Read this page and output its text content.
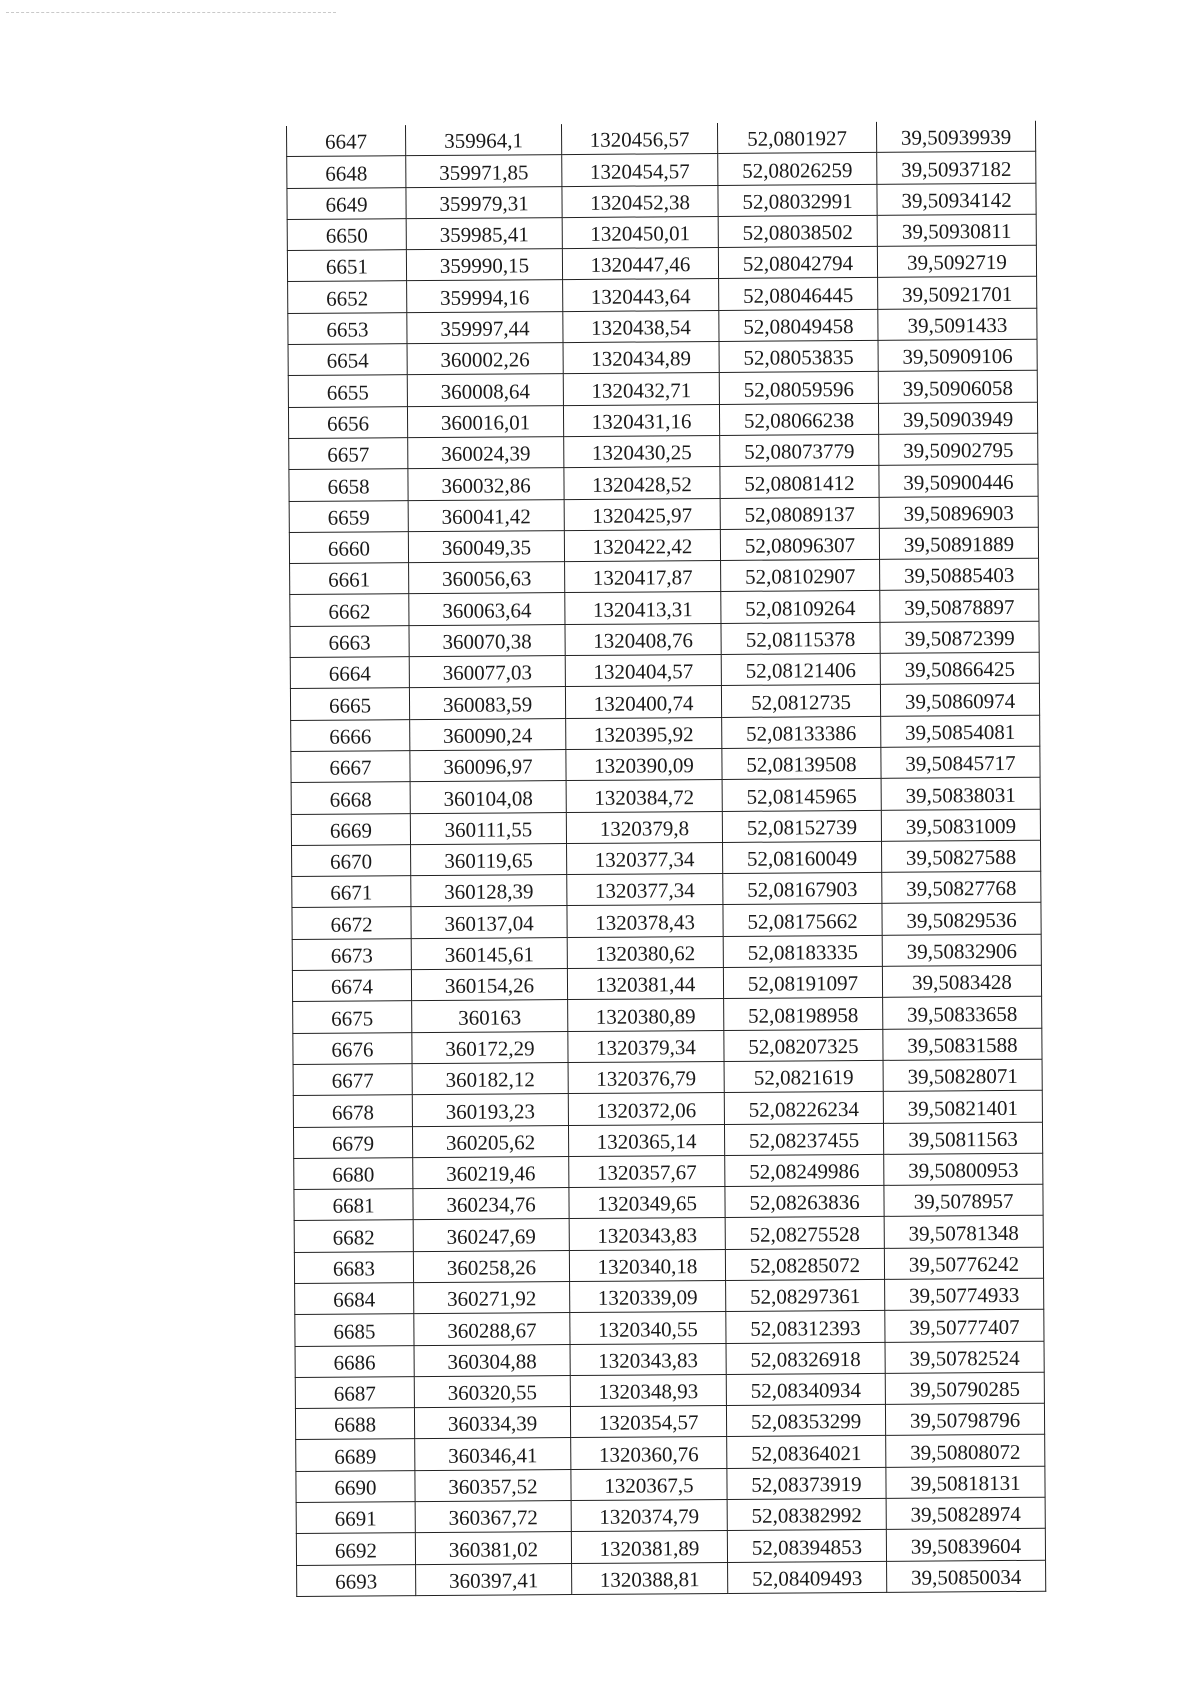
6647	359964,1	1320456,57	52,0801927	39,50939939
6648	359971,85	1320454,57	52,08026259	39,50937182
6649	359979,31	1320452,38	52,08032991	39,50934142
6650	359985,41	1320450,01	52,08038502	39,50930811
6651	359990,15	1320447,46	52,08042794	39,5092719
6652	359994,16	1320443,64	52,08046445	39,50921701
6653	359997,44	1320438,54	52,08049458	39,5091433
6654	360002,26	1320434,89	52,08053835	39,50909106
6655	360008,64	1320432,71	52,08059596	39,50906058
6656	360016,01	1320431,16	52,08066238	39,50903949
6657	360024,39	1320430,25	52,08073779	39,50902795
6658	360032,86	1320428,52	52,08081412	39,50900446
6659	360041,42	1320425,97	52,08089137	39,50896903
6660	360049,35	1320422,42	52,08096307	39,50891889
6661	360056,63	1320417,87	52,08102907	39,50885403
6662	360063,64	1320413,31	52,08109264	39,50878897
6663	360070,38	1320408,76	52,08115378	39,50872399
6664	360077,03	1320404,57	52,08121406	39,50866425
6665	360083,59	1320400,74	52,0812735	39,50860974
6666	360090,24	1320395,92	52,08133386	39,50854081
6667	360096,97	1320390,09	52,08139508	39,50845717
6668	360104,08	1320384,72	52,08145965	39,50838031
6669	360111,55	1320379,8	52,08152739	39,50831009
6670	360119,65	1320377,34	52,08160049	39,50827588
6671	360128,39	1320377,34	52,08167903	39,50827768
6672	360137,04	1320378,43	52,08175662	39,50829536
6673	360145,61	1320380,62	52,08183335	39,50832906
6674	360154,26	1320381,44	52,08191097	39,5083428
6675	360163	1320380,89	52,08198958	39,50833658
6676	360172,29	1320379,34	52,08207325	39,50831588
6677	360182,12	1320376,79	52,0821619	39,50828071
6678	360193,23	1320372,06	52,08226234	39,50821401
6679	360205,62	1320365,14	52,08237455	39,50811563
6680	360219,46	1320357,67	52,08249986	39,50800953
6681	360234,76	1320349,65	52,08263836	39,5078957
6682	360247,69	1320343,83	52,08275528	39,50781348
6683	360258,26	1320340,18	52,08285072	39,50776242
6684	360271,92	1320339,09	52,08297361	39,50774933
6685	360288,67	1320340,55	52,08312393	39,50777407
6686	360304,88	1320343,83	52,08326918	39,50782524
6687	360320,55	1320348,93	52,08340934	39,50790285
6688	360334,39	1320354,57	52,08353299	39,50798796
6689	360346,41	1320360,76	52,08364021	39,50808072
6690	360357,52	1320367,5	52,08373919	39,50818131
6691	360367,72	1320374,79	52,08382992	39,50828974
6692	360381,02	1320381,89	52,08394853	39,50839604
6693	360397,41	1320388,81	52,08409493	39,50850034
